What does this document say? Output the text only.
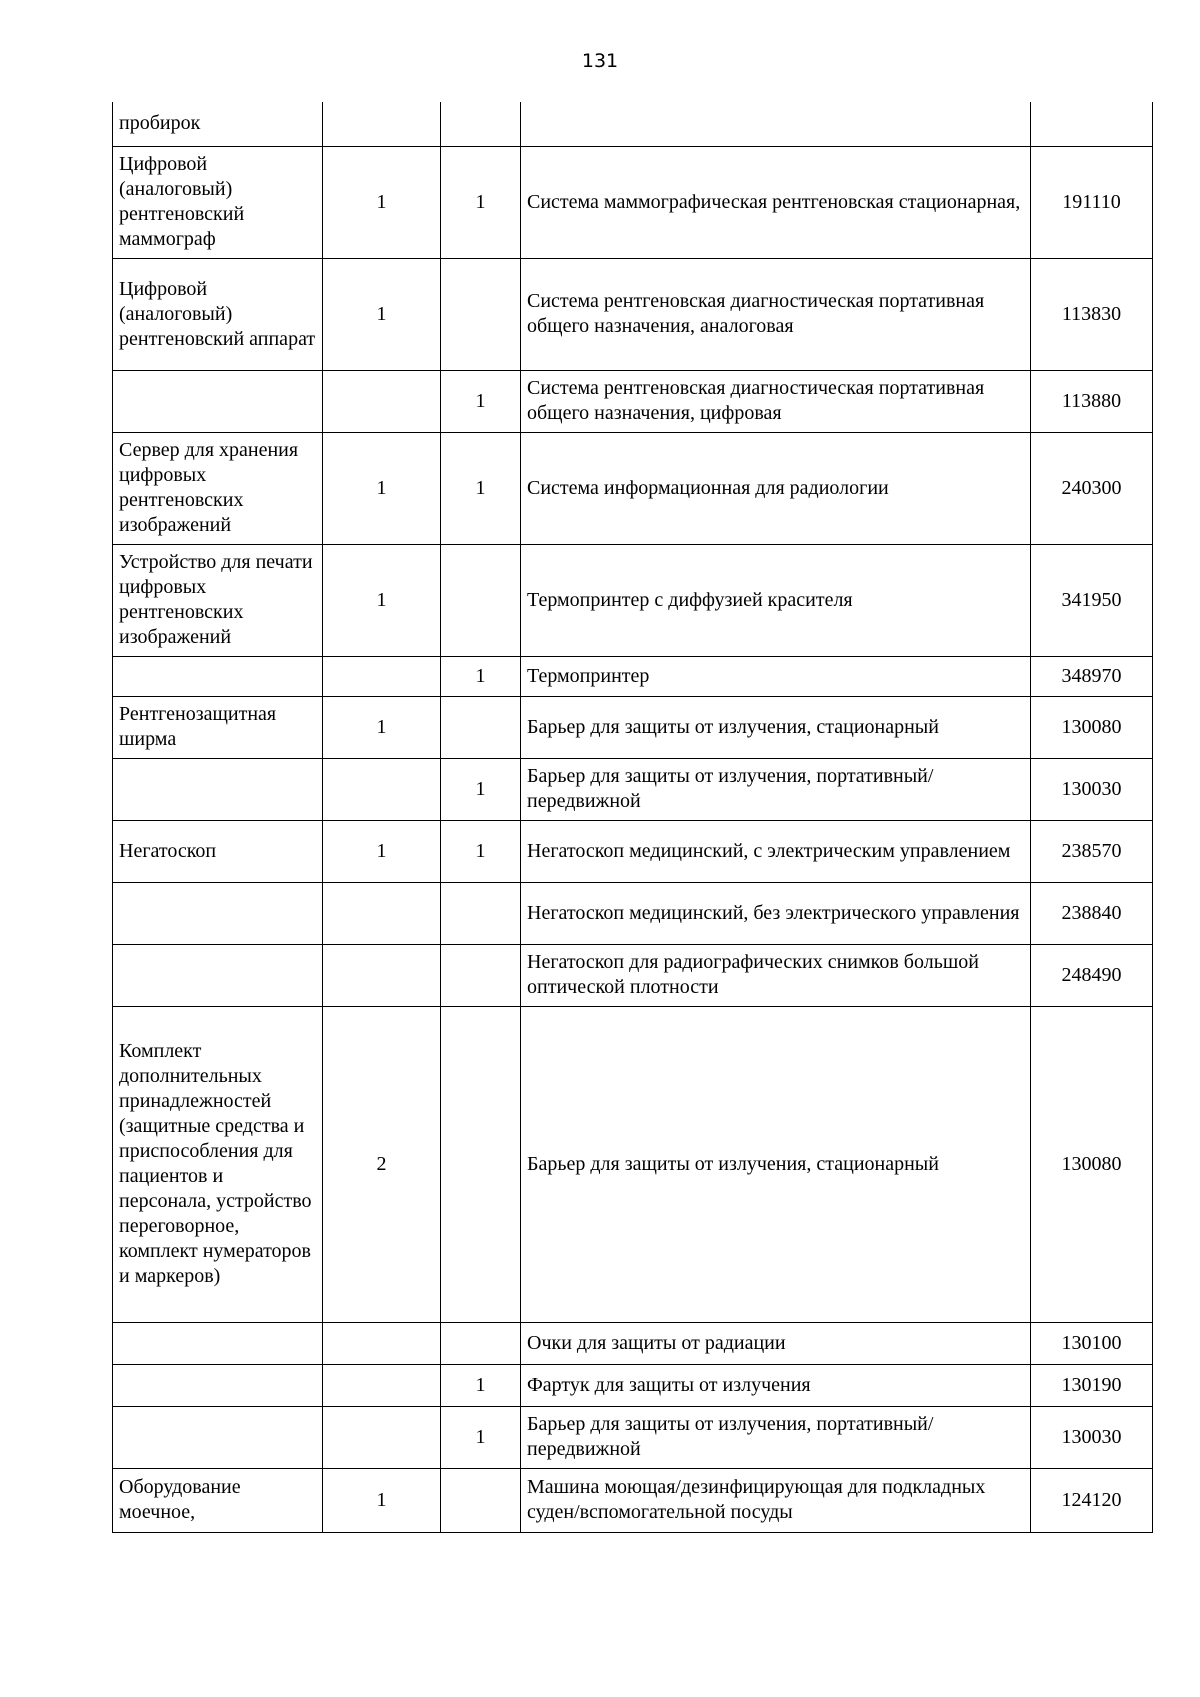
131
пробирок				
Цифровой (аналоговый) рентгеновский маммограф	1	1	Система маммографическая рентгеновская стационарная,	191110
Цифровой (аналоговый) рентгеновский аппарат	1		Система рентгеновская диагностическая портативная общего назначения, аналоговая	113830
		1	Система рентгеновская диагностическая портативная общего назначения, цифровая	113880
Сервер для хранения цифровых рентгеновских изображений	1	1	Система информационная для радиологии	240300
Устройство для печати цифровых рентгеновских изображений	1		Термопринтер с диффузией красителя	341950
		1	Термопринтер	348970
Рентгенозащитная ширма	1		Барьер для защиты от излучения, стационарный	130080
		1	Барьер для защиты от излучения, портативный/передвижной	130030
Негатоскоп	1	1	Негатоскоп медицинский, с электрическим управлением	238570
			Негатоскоп медицинский, без электрического управления	238840
			Негатоскоп для радиографических снимков большой оптической плотности	248490
Комплект дополнительных принадлежностей (защитные средства и приспособления для пациентов и персонала, устройство переговорное, комплект нумераторов и маркеров)	2		Барьер для защиты от излучения, стационарный	130080
			Очки для защиты от радиации	130100
		1	Фартук для защиты от излучения	130190
		1	Барьер для защиты от излучения, портативный/передвижной	130030
Оборудование моечное,	1		Машина моющая/дезинфицирующая для подкладных суден/вспомогательной посуды	124120
